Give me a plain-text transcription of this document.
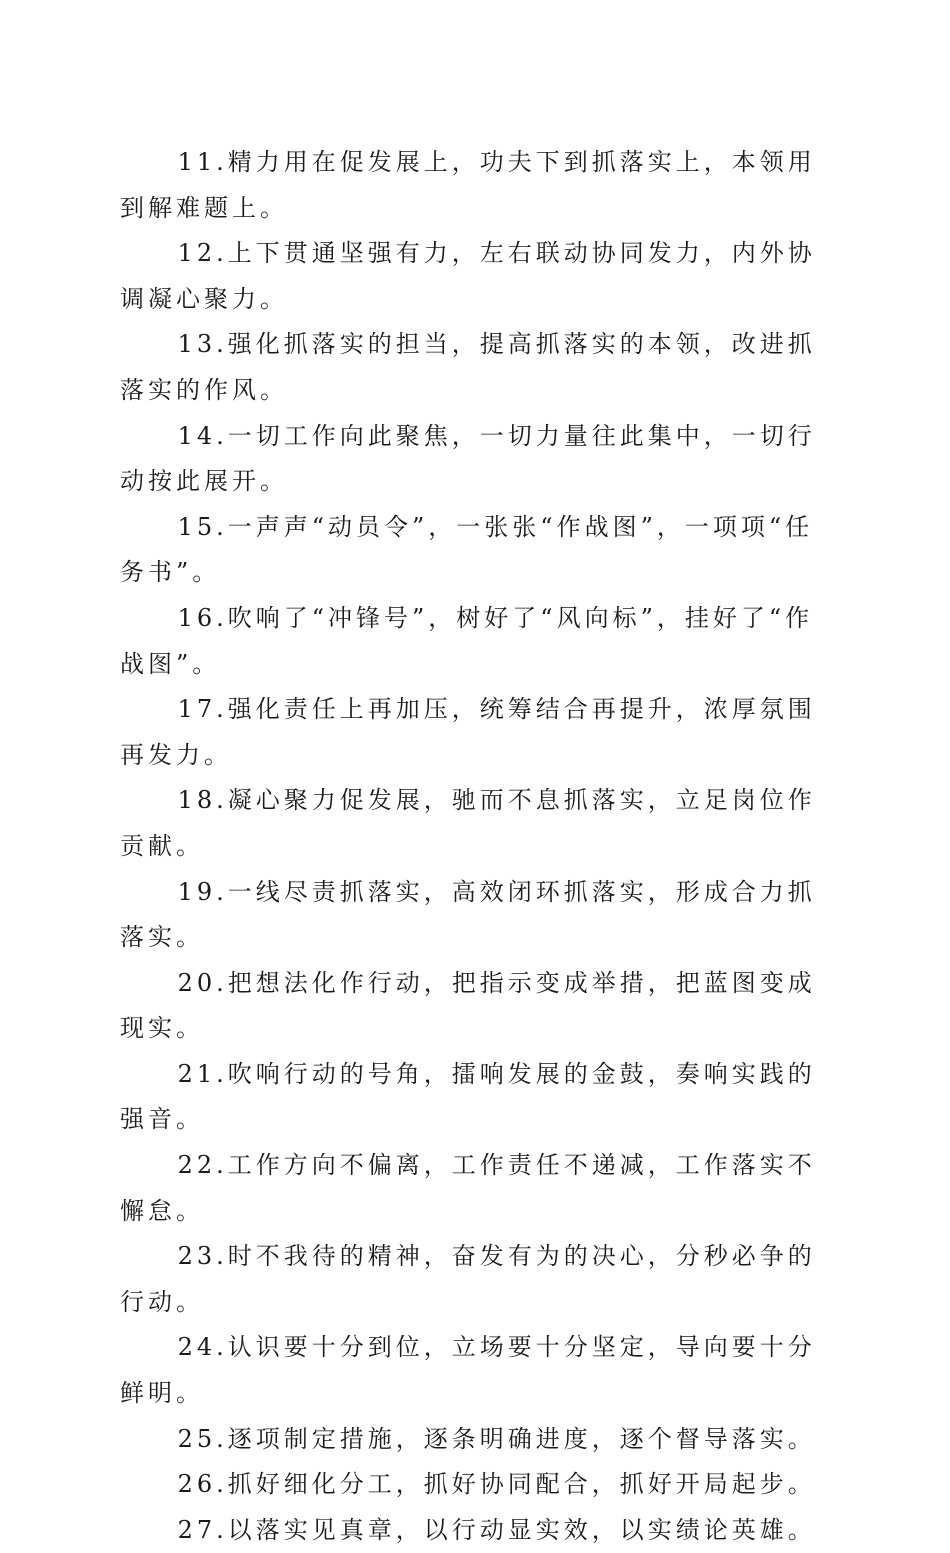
11.精力用在促发展上，功夫下到抓落实上，本领用到解难题上。

12.上下贯通坚强有力，左右联动协同发力，内外协调凝心聚力。

13.强化抓落实的担当，提高抓落实的本领，改进抓落实的作风。

14.一切工作向此聚焦，一切力量往此集中，一切行动按此展开。

15.一声声“动员令”，一张张“作战图”，一项项“任务书”。

16.吹响了“冲锋号”，树好了“风向标”，挂好了“作战图”。

17.强化责任上再加压，统筹结合再提升，浓厚氛围再发力。

18.凝心聚力促发展，驰而不息抓落实，立足岗位作贡献。

19.一线尽责抓落实，高效闭环抓落实，形成合力抓落实。

20.把想法化作行动，把指示变成举措，把蓝图变成现实。

21.吹响行动的号角，擂响发展的金鼓，奏响实践的强音。

22.工作方向不偏离，工作责任不递减，工作落实不懈怠。

23.时不我待的精神，奋发有为的决心，分秒必争的行动。

24.认识要十分到位，立场要十分坚定，导向要十分鲜明。

25.逐项制定措施，逐条明确进度，逐个督导落实。

26.抓好细化分工，抓好协同配合，抓好开局起步。

27.以落实见真章，以行动显实效，以实绩论英雄。
